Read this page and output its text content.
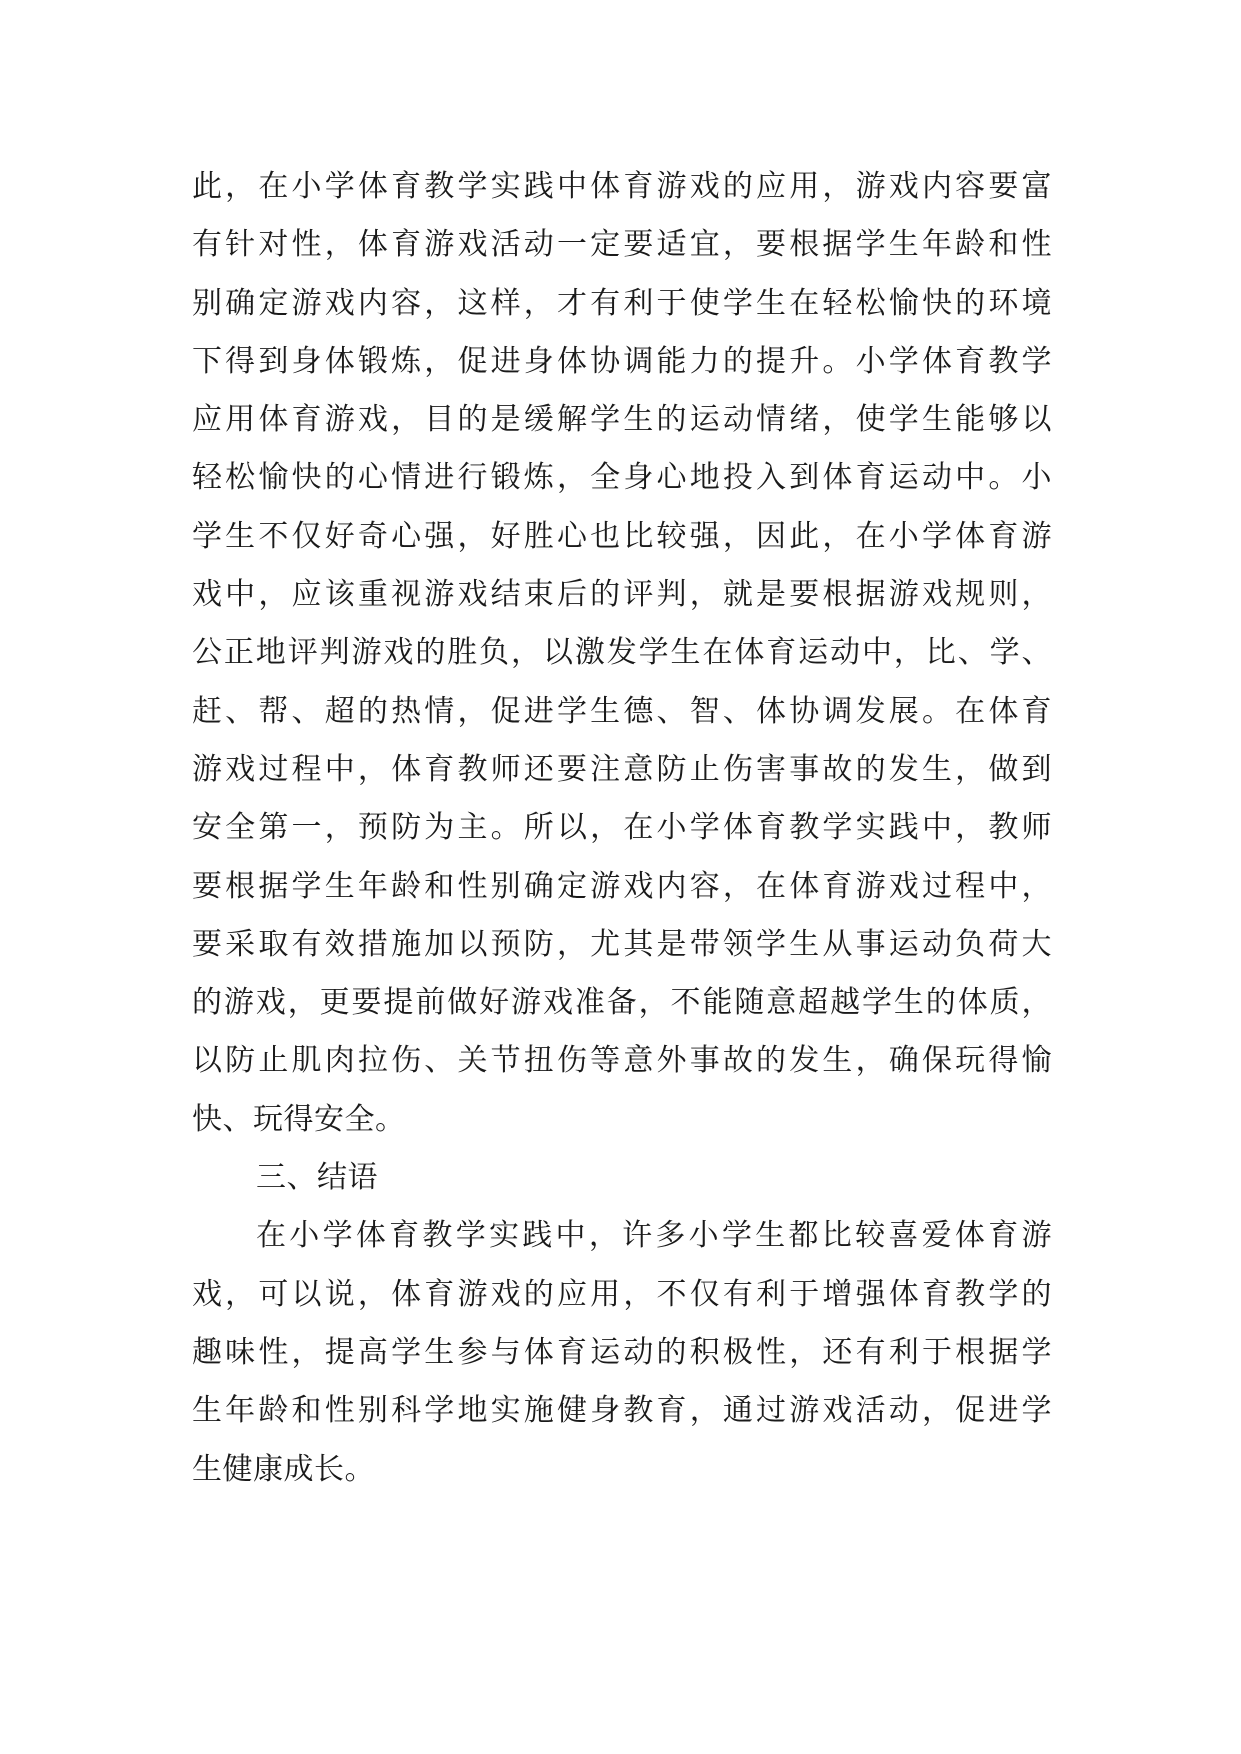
此，在小学体育教学实践中体育游戏的应用，游戏内容要富
有针对性，体育游戏活动一定要适宜，要根据学生年龄和性
别确定游戏内容，这样，才有利于使学生在轻松愉快的环境
下得到身体锻炼，促进身体协调能力的提升。小学体育教学
应用体育游戏，目的是缓解学生的运动情绪，使学生能够以
轻松愉快的心情进行锻炼，全身心地投入到体育运动中。小
学生不仅好奇心强，好胜心也比较强，因此，在小学体育游
戏中，应该重视游戏结束后的评判，就是要根据游戏规则，
公正地评判游戏的胜负，以激发学生在体育运动中，比、学、
赶、帮、超的热情，促进学生德、智、体协调发展。在体育
游戏过程中，体育教师还要注意防止伤害事故的发生，做到
安全第一，预防为主。所以，在小学体育教学实践中，教师
要根据学生年龄和性别确定游戏内容，在体育游戏过程中，
要采取有效措施加以预防，尤其是带领学生从事运动负荷大
的游戏，更要提前做好游戏准备，不能随意超越学生的体质，
以防止肌肉拉伤、关节扭伤等意外事故的发生，确保玩得愉
快、玩得安全。
三、结语
在小学体育教学实践中，许多小学生都比较喜爱体育游
戏，可以说，体育游戏的应用，不仅有利于增强体育教学的
趣味性，提高学生参与体育运动的积极性，还有利于根据学
生年龄和性别科学地实施健身教育，通过游戏活动，促进学
生健康成长。
